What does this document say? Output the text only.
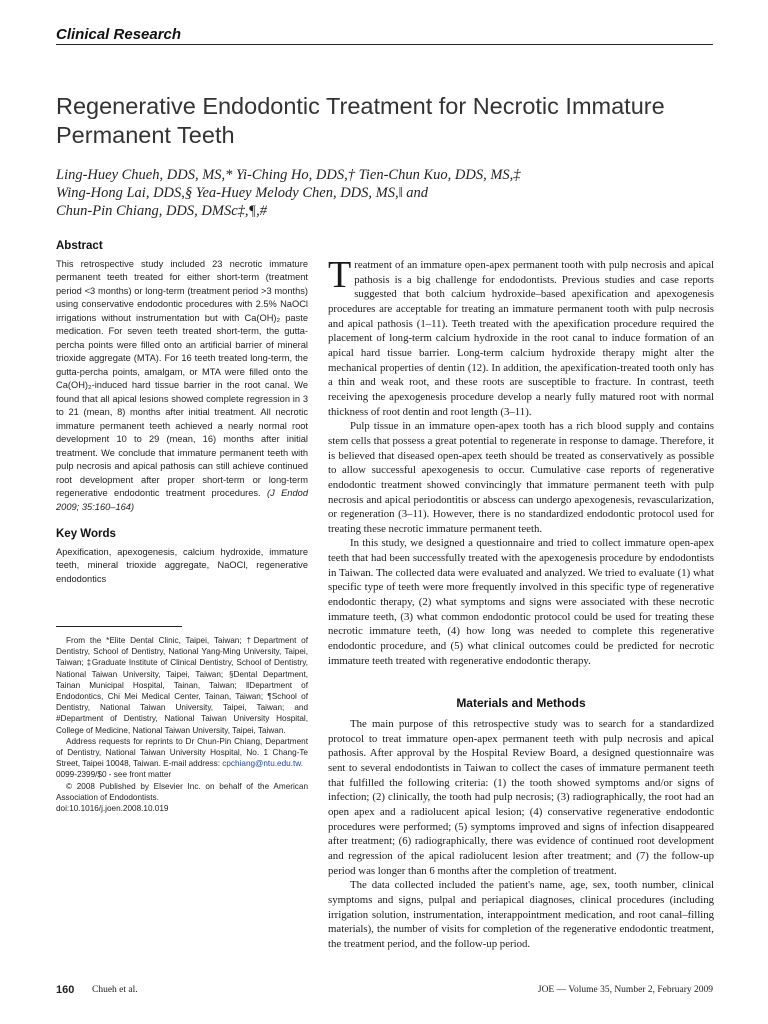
Clinical Research
Regenerative Endodontic Treatment for Necrotic Immature Permanent Teeth
Ling-Huey Chueh, DDS, MS,* Yi-Ching Ho, DDS,† Tien-Chun Kuo, DDS, MS,‡
Wing-Hong Lai, DDS,§ Yea-Huey Melody Chen, DDS, MS,‖ and
Chun-Pin Chiang, DDS, DMSc‡,¶,#
Abstract

This retrospective study included 23 necrotic immature permanent teeth treated for either short-term (treatment period <3 months) or long-term (treatment period >3 months) using conservative endodontic procedures with 2.5% NaOCl irrigations without instrumentation but with Ca(OH)₂ paste medication. For seven teeth treated short-term, the gutta-percha points were filled onto an artificial barrier of mineral trioxide aggregate (MTA). For 16 teeth treated long-term, the gutta-percha points, amalgam, or MTA were filled onto the Ca(OH)₂-induced hard tissue barrier in the root canal. We found that all apical lesions showed complete regression in 3 to 21 (mean, 8) months after initial treatment. All necrotic immature permanent teeth achieved a nearly normal root development 10 to 29 (mean, 16) months after initial treatment. We conclude that immature permanent teeth with pulp necrosis and apical pathosis can still achieve continued root development after proper short-term or long-term regenerative endodontic treatment procedures. (J Endod 2009; 35:160–164)

Key Words

Apexification, apexogenesis, calcium hydroxide, immature teeth, mineral trioxide aggregate, NaOCl, regenerative endodontics

From the *Elite Dental Clinic, Taipei, Taiwan; †Department of Dentistry, School of Dentistry, National Yang-Ming University, Taipei, Taiwan; ‡Graduate Institute of Clinical Dentistry, School of Dentistry, National Taiwan University, Taipei, Taiwan; §Dental Department, Tainan Municipal Hospital, Tainan, Taiwan; ‖Department of Endodontics, Chi Mei Medical Center, Tainan, Taiwan; ¶School of Dentistry, National Taiwan University, Taipei, Taiwan; and #Department of Dentistry, National Taiwan University Hospital, College of Medicine, National Taiwan University, Taipei, Taiwan.

Address requests for reprints to Dr Chun-Pin Chiang, Department of Dentistry, National Taiwan University Hospital, No. 1 Chang-Te Street, Taipei 10048, Taiwan. E-mail address: cpchiang@ntu.edu.tw.

0099-2399/$0 - see front matter

© 2008 Published by Elsevier Inc. on behalf of the American Association of Endodontists.

doi:10.1016/j.joen.2008.10.019

T reatment of an immature open-apex permanent tooth with pulp necrosis and apical pathosis is a big challenge for endodontists. Previous studies and case reports suggested that both calcium hydroxide–based apexification and apexogenesis procedures are acceptable for treating an immature permanent tooth with pulp necrosis and apical pathosis (1–11). Teeth treated with the apexification procedure required the placement of long-term calcium hydroxide in the root canal to induce formation of an apical hard tissue barrier. Long-term calcium hydroxide therapy might alter the mechanical properties of dentin (12). In addition, the apexification-treated tooth only has a thin and weak root, and these roots are susceptible to fracture. In contrast, teeth receiving the apexogenesis procedure develop a nearly fully matured root with normal thickness of root dentin and root length (3–11).

Pulp tissue in an immature open-apex tooth has a rich blood supply and contains stem cells that possess a great potential to regenerate in response to damage. Therefore, it is believed that diseased open-apex teeth should be treated as conservatively as possible to allow successful apexogenesis to occur. Cumulative case reports of regenerative endodontic treatment showed convincingly that immature permanent teeth with pulp necrosis and apical periodontitis or abscess can undergo apexogenesis, revascularization, or regeneration (3–11). However, there is no standardized endodontic protocol used for treating these necrotic immature permanent teeth.

In this study, we designed a questionnaire and tried to collect immature open-apex teeth that had been successfully treated with the apexogenesis procedure by endodontists in Taiwan. The collected data were evaluated and analyzed. We tried to evaluate (1) what specific type of teeth were more frequently involved in this specific type of regenerative endodontic therapy, (2) what symptoms and signs were associated with these necrotic immature teeth, (3) what common endodontic protocol could be used for treating these necrotic immature teeth, (4) how long was needed to complete this regenerative endodontic procedure, and (5) what clinical outcomes could be predicted for necrotic immature teeth treated with regenerative endodontic therapy.

Materials and Methods

The main purpose of this retrospective study was to search for a standardized protocol to treat immature open-apex permanent teeth with pulp necrosis and apical pathosis. After approval by the Hospital Review Board, a designed questionnaire was sent to several endodontists in Taiwan to collect the cases of immature permanent teeth that fulfilled the following criteria: (1) the tooth showed symptoms and/or signs of infection; (2) clinically, the tooth had pulp necrosis; (3) radiographically, the root had an open apex and a radiolucent apical lesion; (4) conservative regenerative endodontic procedures were performed; (5) symptoms improved and signs of infection disappeared after treatment; (6) radiographically, there was evidence of continued root development and regression of the apical radiolucent lesion after treatment; and (7) the follow-up period was longer than 6 months after the completion of treatment.

The data collected included the patient's name, age, sex, tooth number, clinical symptoms and signs, pulpal and periapical diagnoses, clinical procedures (including irrigation solution, instrumentation, interappointment medication, and root canal–filling materials), the number of visits for completion of the regenerative endodontic treatment, the treatment period, and the follow-up period.

160 Chueh et al.	JOE — Volume 35, Number 2, February 2009
